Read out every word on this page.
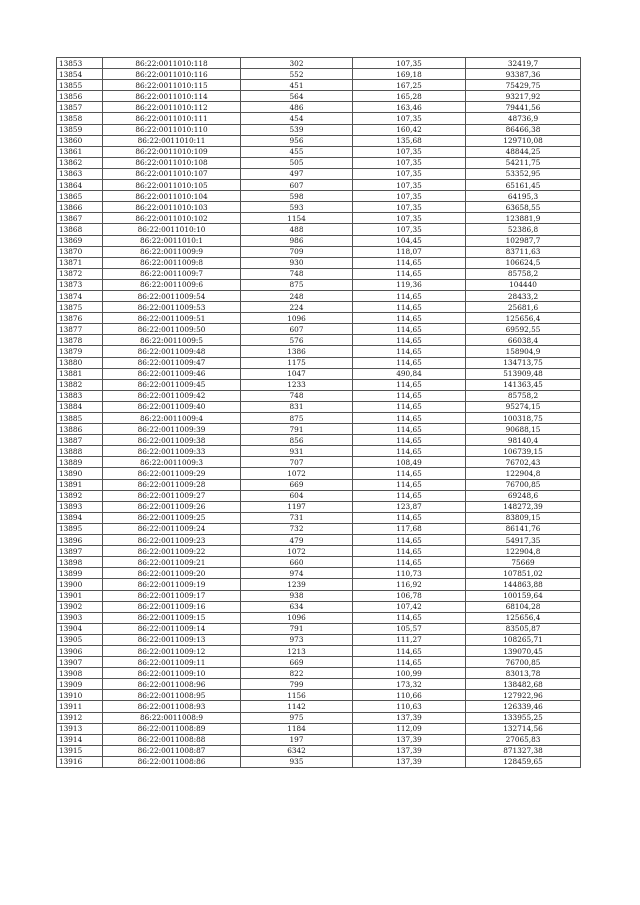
13853	86:22:0011010:118	302	107,35	32419,7
13854	86:22:0011010:116	552	169,18	93387,36
13855	86:22:0011010:115	451	167,25	75429,75
13856	86:22:0011010:114	564	165,28	93217,92
13857	86:22:0011010:112	486	163,46	79441,56
13858	86:22:0011010:111	454	107,35	48736,9
13859	86:22:0011010:110	539	160,42	86466,38
13860	86:22:0011010:11	956	135,68	129710,08
13861	86:22:0011010:109	455	107,35	48844,25
13862	86:22:0011010:108	505	107,35	54211,75
13863	86:22:0011010:107	497	107,35	53352,95
13864	86:22:0011010:105	607	107,35	65161,45
13865	86:22:0011010:104	598	107,35	64195,3
13866	86:22:0011010:103	593	107,35	63658,55
13867	86:22:0011010:102	1154	107,35	123881,9
13868	86:22:0011010:10	488	107,35	52386,8
13869	86:22:0011010:1	986	104,45	102987,7
13870	86:22:0011009:9	709	118,07	83711,63
13871	86:22:0011009:8	930	114,65	106624,5
13872	86:22:0011009:7	748	114,65	85758,2
13873	86:22:0011009:6	875	119,36	104440
13874	86:22:0011009:54	248	114,65	28433,2
13875	86:22:0011009:53	224	114,65	25681,6
13876	86:22:0011009:51	1096	114,65	125656,4
13877	86:22:0011009:50	607	114,65	69592,55
13878	86:22:0011009:5	576	114,65	66038,4
13879	86:22:0011009:48	1386	114,65	158904,9
13880	86:22:0011009:47	1175	114,65	134713,75
13881	86:22:0011009:46	1047	490,84	513909,48
13882	86:22:0011009:45	1233	114,65	141363,45
13883	86:22:0011009:42	748	114,65	85758,2
13884	86:22:0011009:40	831	114,65	95274,15
13885	86:22:0011009:4	875	114,65	100318,75
13886	86:22:0011009:39	791	114,65	90688,15
13887	86:22:0011009:38	856	114,65	98140,4
13888	86:22:0011009:33	931	114,65	106739,15
13889	86:22:0011009:3	707	108,49	76702,43
13890	86:22:0011009:29	1072	114,65	122904,8
13891	86:22:0011009:28	669	114,65	76700,85
13892	86:22:0011009:27	604	114,65	69248,6
13893	86:22:0011009:26	1197	123,87	148272,39
13894	86:22:0011009:25	731	114,65	83809,15
13895	86:22:0011009:24	732	117,68	86141,76
13896	86:22:0011009:23	479	114,65	54917,35
13897	86:22:0011009:22	1072	114,65	122904,8
13898	86:22:0011009:21	660	114,65	75669
13899	86:22:0011009:20	974	110,73	107851,02
13900	86:22:0011009:19	1239	116,92	144863,88
13901	86:22:0011009:17	938	106,78	100159,64
13902	86:22:0011009:16	634	107,42	68104,28
13903	86:22:0011009:15	1096	114,65	125656,4
13904	86:22:0011009:14	791	105,57	83505,87
13905	86:22:0011009:13	973	111,27	108265,71
13906	86:22:0011009:12	1213	114,65	139070,45
13907	86:22:0011009:11	669	114,65	76700,85
13908	86:22:0011009:10	822	100,99	83013,78
13909	86:22:0011008:96	799	173,32	138482,68
13910	86:22:0011008:95	1156	110,66	127922,96
13911	86:22:0011008:93	1142	110,63	126339,46
13912	86:22:0011008:9	975	137,39	133955,25
13913	86:22:0011008:89	1184	112,09	132714,56
13914	86:22:0011008:88	197	137,39	27065,83
13915	86:22:0011008:87	6342	137,39	871327,38
13916	86:22:0011008:86	935	137,39	128459,65
